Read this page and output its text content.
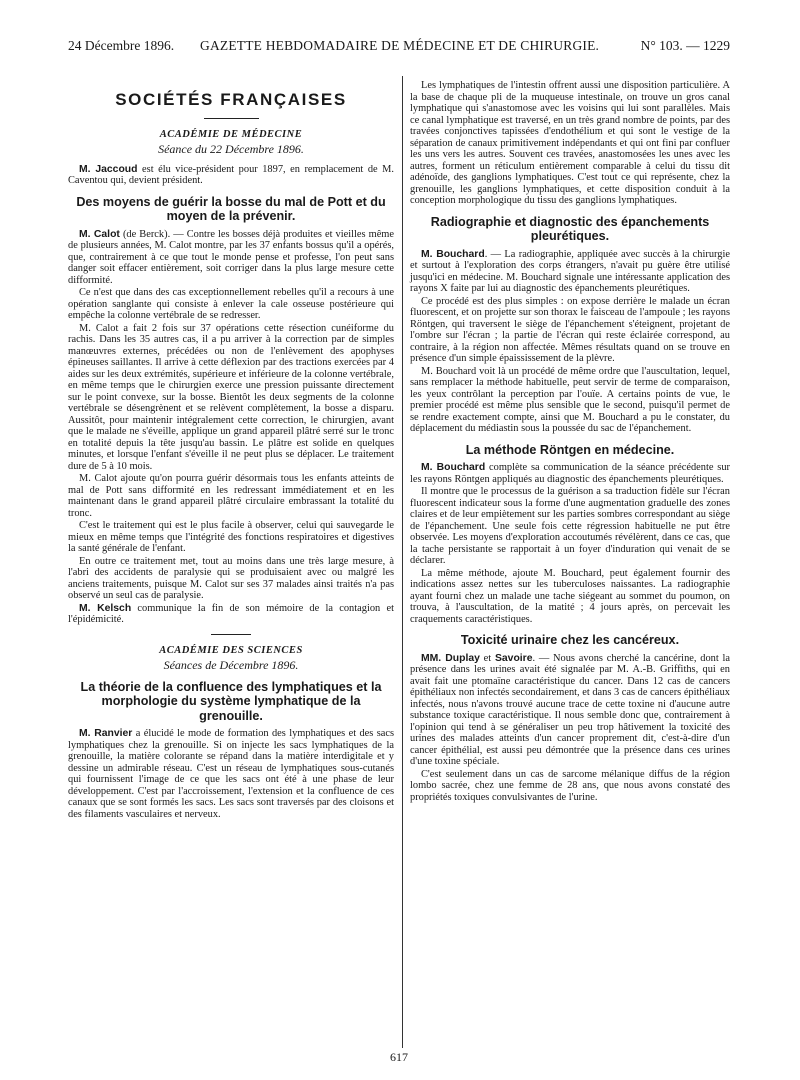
24 Décembre 1896. GAZETTE HEBDOMADAIRE DE MÉDECINE ET DE CHIRURGIE.	N° 103. — 1229
SOCIÉTÉS FRANÇAISES
ACADÉMIE DE MÉDECINE
Séance du 22 Décembre 1896.

M. Jaccoud est élu vice-président pour 1897, en remplacement de M. Caventou qui, devient président.

Des moyens de guérir la bosse du mal de Pott et du moyen de la prévenir.

M. Calot (de Berck). — Contre les bosses déjà produites et vieilles même de plusieurs années, M. Calot montre, par les 37 enfants bossus qu'il a opérés, que, contrairement à ce que tout le monde pense et professe, l'on peut sans danger soit effacer entièrement, soit corriger dans la plus large mesure cette difformité.

Ce n'est que dans des cas exceptionnellement rebelles qu'il a recours à une opération sanglante qui consiste à enlever la cale osseuse postérieure qui empêche la colonne vertébrale de se redresser.

M. Calot a fait 2 fois sur 37 opérations cette résection cunéiforme du rachis. Dans les 35 autres cas, il a pu arriver à la correction par de simples manœuvres externes, précédées ou non de l'enlèvement des apophyses épineuses saillantes. Il arrive à cette déflexion par des tractions exercées par 4 aides sur les deux extrémités, supérieure et inférieure de la colonne vertébrale, en même temps que le chirurgien exerce une pression puissante directement sur le point convexe, sur la bosse. Bientôt les deux segments de la colonne vertébrale se désengrènent et se relèvent complètement, la bosse a disparu. Aussitôt, pour maintenir intégralement cette correction, le chirurgien, avant que le malade ne s'éveille, applique un grand appareil plâtré serré sur le tronc en totalité depuis la tête jusqu'au bassin. Le plâtre est solide en quelques minutes, et lorsque l'enfant s'éveille il ne peut plus se déplacer. Le traitement dure de 5 à 10 mois.

M. Calot ajoute qu'on pourra guérir désormais tous les enfants atteints de mal de Pott sans difformité en les redressant immédiatement et en les maintenant dans le grand appareil plâtré circulaire embrassant la totalité du tronc.

C'est le traitement qui est le plus facile à observer, celui qui sauvegarde le mieux en même temps que l'intégrité des fonctions respiratoires et digestives la santé générale de l'enfant.

En outre ce traitement met, tout au moins dans une très large mesure, à l'abri des accidents de paralysie qui se produisaient avec ou malgré les anciens traitements, puisque M. Calot sur ses 37 malades ainsi traités n'a pas observé un seul cas de paralysie.

M. Kelsch communique la fin de son mémoire de la contagion et l'épidémicité.

ACADÉMIE DES SCIENCES
Séances de Décembre 1896.
La théorie de la confluence des lymphatiques et la morphologie du système lymphatique de la grenouille.

M. Ranvier a élucidé le mode de formation des lymphatiques et des sacs lymphatiques chez la grenouille. Si on injecte les sacs lymphatiques de la grenouille, la matière colorante se répand dans la matière interdigitale et y dessine un admirable réseau. C'est un réseau de lymphatiques sous-cutanés qui fournissent l'image de ce que les sacs ont été à une phase de leur développement. C'est par l'accroissement, l'extension et la confluence de ces canaux que se sont formés les sacs. Les sacs sont traversés par des cloisons et des filaments vasculaires et nerveux.

Les lymphatiques de l'intestin offrent aussi une disposition particulière. A la base de chaque pli de la muqueuse intestinale, on trouve un gros canal lymphatique qui s'anastomose avec les voisins qui lui sont parallèles. Mais ce canal lymphatique est traversé, en un très grand nombre de points, par des travées conjonctives tapissées d'endothélium et qui sont le vestige de la séparation de canaux primitivement indépendants et qui ont fini par confluer les uns vers les autres. Souvent ces travées, anastomosées les unes avec les autres, forment un réticulum entièrement comparable à celui du tissu dit adénoïde, des ganglions lymphatiques. C'est tout ce qui représente, chez la grenouille, les ganglions lymphatiques, et cette disposition conduit à la conception morphologique du tissu des ganglions lymphatiques.

Radiographie et diagnostic des épanchements pleurétiques.

M. Bouchard. — La radiographie, appliquée avec succès à la chirurgie et surtout à l'exploration des corps étrangers, n'avait pu guère être utilisé jusqu'ici en médecine. M. Bouchard signale une intéressante application des rayons X faite par lui au diagnostic des épanchements pleurétiques.

Ce procédé est des plus simples : on expose derrière le malade un écran fluorescent, et on projette sur son thorax le faisceau de l'ampoule ; les rayons Röntgen, qui traversent le siège de l'épanchement s'éteignent, projetant de l'ombre sur l'écran ; la partie de l'écran qui reste éclairée correspond, au contraire, à la région non affectée. Mêmes résultats quand on se trouve en présence d'un simple épaississement de la plèvre.

M. Bouchard voit là un procédé de même ordre que l'auscultation, lequel, sans remplacer la méthode habituelle, peut servir de terme de comparaison, les yeux contrôlant la perception par l'ouïe. A certains points de vue, le premier procédé est même plus sensible que le second, puisqu'il permet de se rendre exactement compte, ainsi que M. Bouchard a pu le constater, du déplacement du médiastin sous la poussée du sac de l'épanchement.

La méthode Röntgen en médecine.

M. Bouchard complète sa communication de la séance précédente sur les rayons Röntgen appliqués au diagnostic des épanchements pleurétiques.

Il montre que le processus de la guérison a sa traduction fidèle sur l'écran fluorescent indicateur sous la forme d'une augmentation graduelle des zones claires et de leur empiètement sur les parties sombres correspondant au siège de l'épanchement. Une seule fois cette régression habituelle ne put être observée. Les moyens d'exploration accoutumés révélèrent, dans ce cas, que la tache persistante se rapportait à un foyer d'induration qui venait de se déclarer.

La même méthode, ajoute M. Bouchard, peut également fournir des indications assez nettes sur les tuberculoses naissantes. La radiographie ayant fourni chez un malade une tache siégeant au sommet du poumon, on trouva, à l'auscultation, de la matité ; 4 jours après, on percevait les craquements caractéristiques.

Toxicité urinaire chez les cancéreux.

MM. Duplay et Savoire. — Nous avons cherché la cancérine, dont la présence dans les urines avait été signalée par M. A.-B. Griffiths, qui en avait fait une ptomaïne caractéristique du cancer. Dans 12 cas de cancers épithéliaux non infectés secondairement, et dans 3 cas de cancers épithéliaux infectés, nous n'avons trouvé aucune trace de cette toxine ni d'aucune autre substance toxique caractéristique. Il nous semble donc que, contrairement à l'opinion qui tend à se généraliser un peu trop hâtivement la toxicité des urines des malades atteints d'un cancer proprement dit, c'est-à-dire d'un cancer épithélial, est aussi peu démontrée que la présence dans ces urines d'une toxine spéciale.

C'est seulement dans un cas de sarcome mélanique diffus de la région lombo sacrée, chez une femme de 28 ans, que nous avons constaté des propriétés toxiques convulsivantes de l'urine.

617
